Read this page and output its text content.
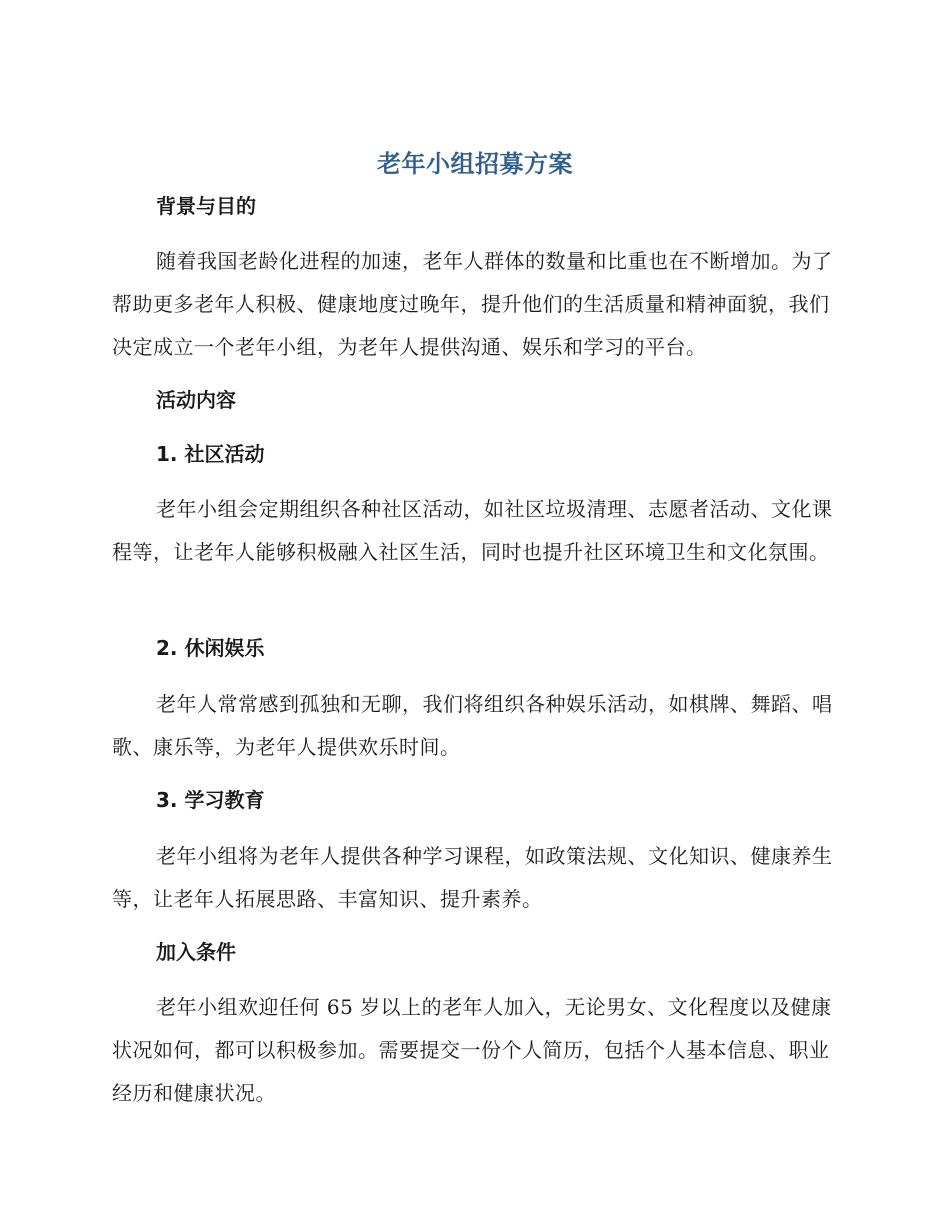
老年小组招募方案
背景与目的
随着我国老龄化进程的加速，老年人群体的数量和比重也在不断增加。为了帮助更多老年人积极、健康地度过晚年，提升他们的生活质量和精神面貌，我们决定成立一个老年小组，为老年人提供沟通、娱乐和学习的平台。
活动内容
1. 社区活动
老年小组会定期组织各种社区活动，如社区垃圾清理、志愿者活动、文化课程等，让老年人能够积极融入社区生活，同时也提升社区环境卫生和文化氛围。
2. 休闲娱乐
老年人常常感到孤独和无聊，我们将组织各种娱乐活动，如棋牌、舞蹈、唱歌、康乐等，为老年人提供欢乐时间。
3. 学习教育
老年小组将为老年人提供各种学习课程，如政策法规、文化知识、健康养生等，让老年人拓展思路、丰富知识、提升素养。
加入条件
老年小组欢迎任何 65 岁以上的老年人加入，无论男女、文化程度以及健康状况如何，都可以积极参加。需要提交一份个人简历，包括个人基本信息、职业经历和健康状况。
